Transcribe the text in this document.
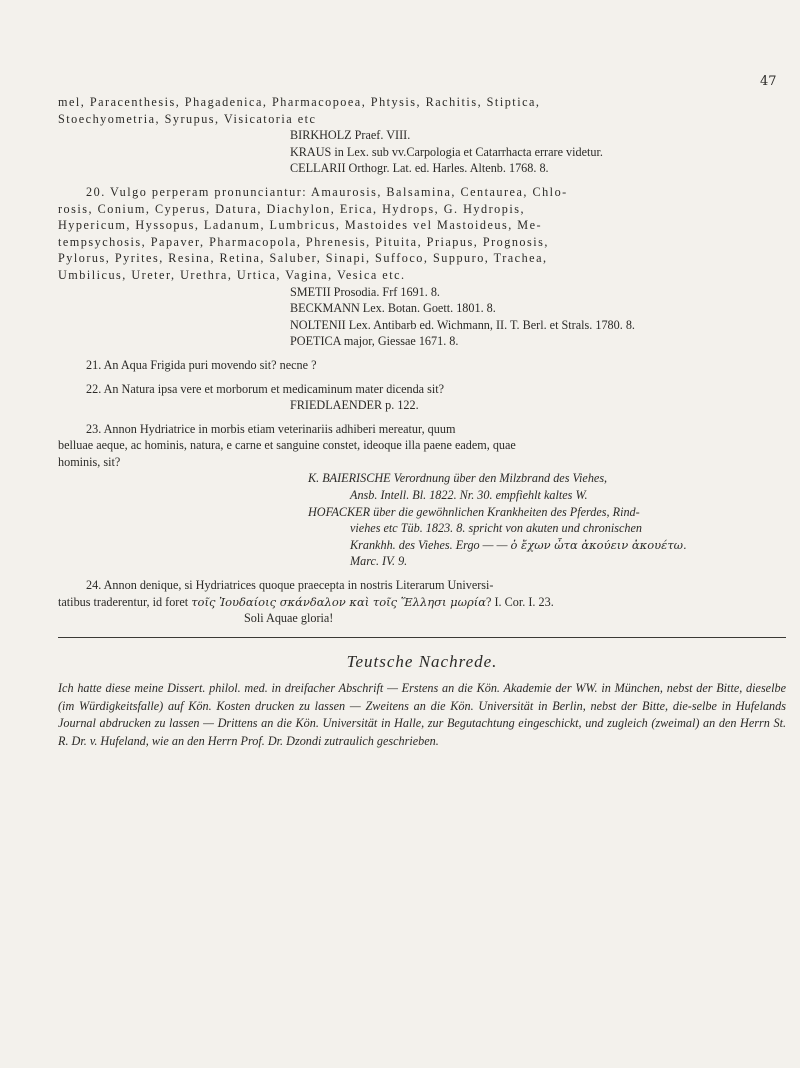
47
mel, Paracenthesis, Phagadenica, Pharmacopoea, Phtysis, Rachitis, Stiptica,
Stoechyometria, Syrupus, Visicatoria etc
BIRKHOLZ Praef. VIII.
KRAUS in Lex. sub vv.Carpologia et Catarrhacta errare videtur.
CELLARII Orthogr. Lat. ed. Harles. Altenb. 1768. 8.
20. Vulgo perperam pronunciantur: Amaurosis, Balsamina, Centaurea, Chlo-
rosis, Conium, Cyperus, Datura, Diachylon, Erica, Hydrops, G. Hydropis,
Hypericum, Hyssopus, Ladanum, Lumbricus, Mastoides vel Mastoideus, Me-
tempsychosis, Papaver, Pharmacopola, Phrenesis, Pituita, Priapus, Prognosis,
Pylorus, Pyrites, Resina, Retina, Saluber, Sinapi, Suffoco, Suppuro, Trachea,
Umbilicus, Ureter, Urethra, Urtica, Vagina, Vesica etc.
SMETII Prosodia. Frf 1691. 8.
BECKMANN Lex. Botan. Goett. 1801. 8.
NOLTENII Lex. Antibarb ed. Wichmann, II. T. Berl. et Strals. 1780. 8.
POETICA major, Giessae 1671. 8.
21. An Aqua Frigida puri movendo sit? necne ?
22. An Natura ipsa vere et morborum et medicaminum mater dicenda sit?
FRIEDLAENDER p. 122.
23. Annon Hydriatrice in morbis etiam veterinariis adhiberi mereatur, quum
belluae aeque, ac hominis, natura, e carne et sanguine constet, ideoque illa paene eadem, quae
hominis, sit?
K. BAIERISCHE Verordnung über den Milzbrand des Viehes,
Ansb. Intell. Bl. 1822. Nr. 30. empfiehlt kaltes W.
HOFACKER über die gewöhnlichen Krankheiten des Pferdes, Rind-
viehes etc Tüb. 1823. 8. spricht von akuten und chronischen
Krankhh. des Viehes. Ergo — — ὁ ἔχων ὦτα ἀκούειν ἀκουέτω.
Marc. IV. 9.
24. Annon denique, si Hydriatrices quoque praecepta in nostris Literarum Universi-
tatibus traderentur, id foret τοῖς Ἰουδαίοις σκάνδαλον καὶ τοῖς Ἕλλησι μωρία? I. Cor. I. 23.
Soli Aquae gloria!
Teutsche Nachrede.
Ich hatte diese meine Dissert. philol. med. in dreifacher Abschrift — Erstens an die Kön. Akademie der WW. in München, nebst der Bitte, dieselbe (im Würdigkeitsfalle) auf Kön. Kosten drucken zu lassen — Zweitens an die Kön. Universität in Berlin, nebst der Bitte, die-selbe in Hufelands Journal abdrucken zu lassen — Drittens an die Kön. Universität in Halle, zur Begutachtung eingeschickt, und zugleich (zweimal) an den Herrn St. R. Dr. v. Hufeland, wie an den Herrn Prof. Dr. Dzondi zutraulich geschrieben.
